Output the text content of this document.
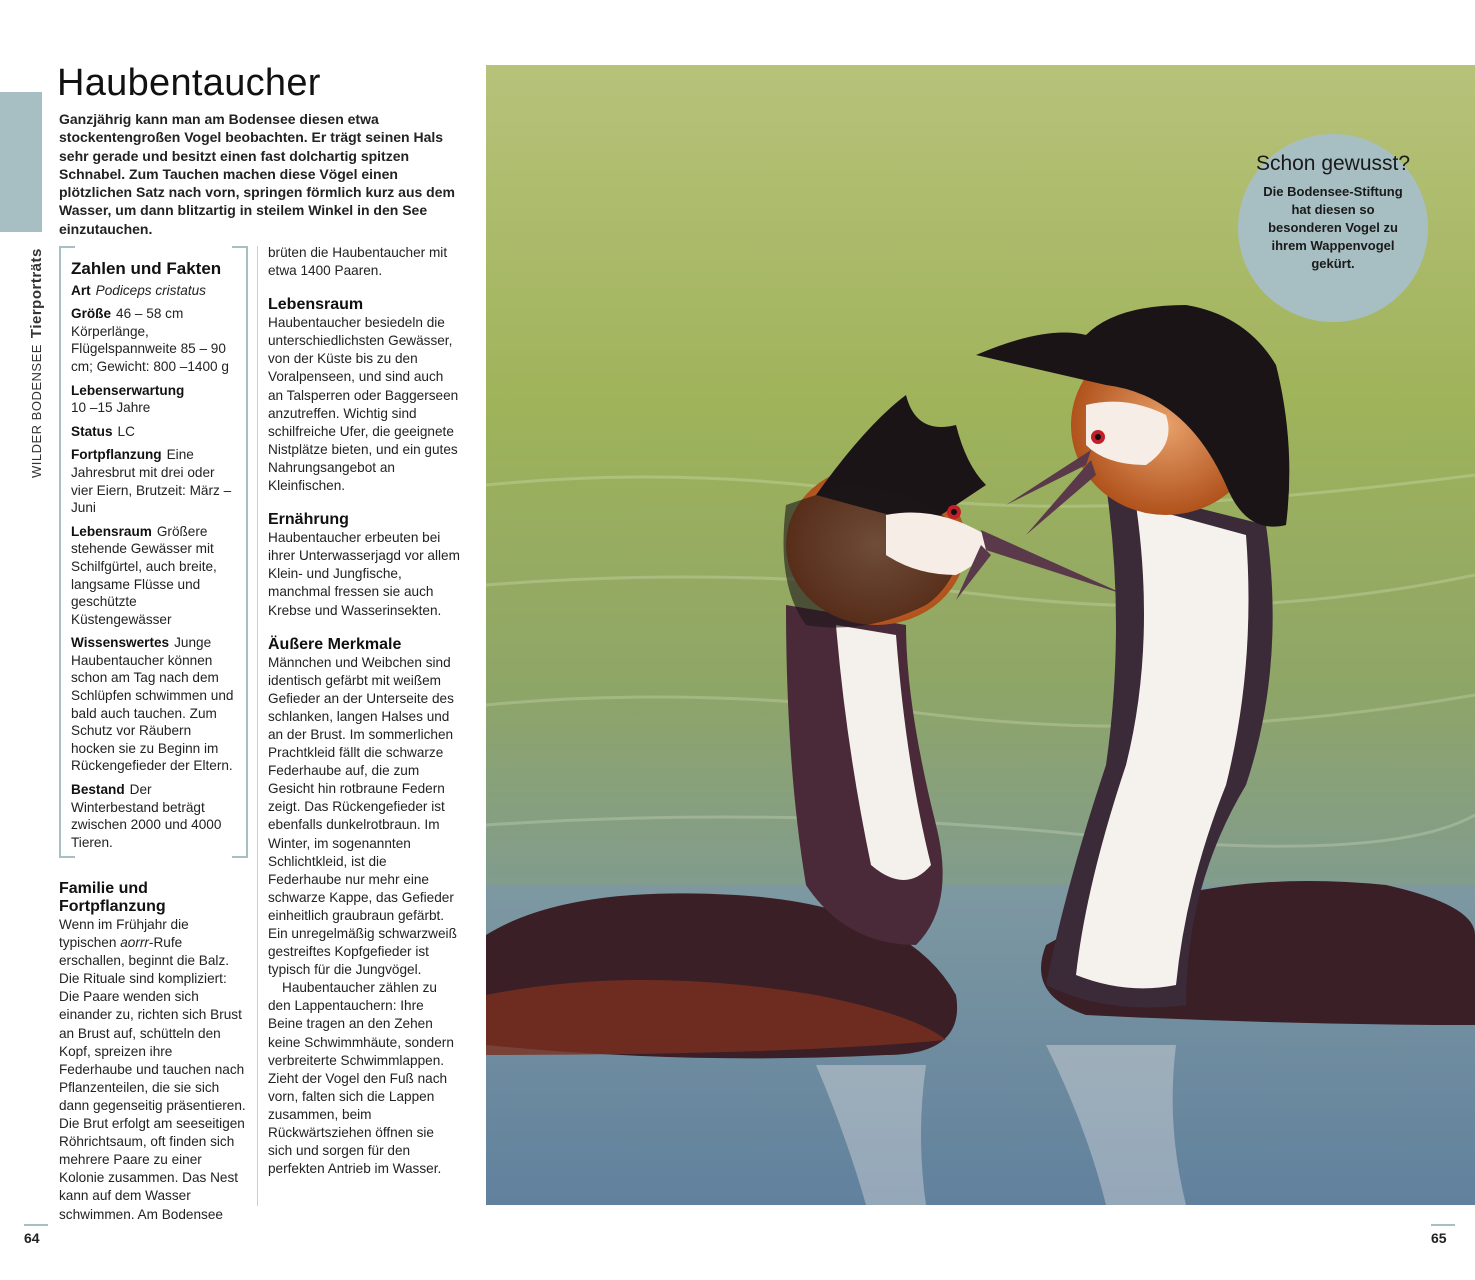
WILDER BODENSEETierporträts
Haubentaucher

Ganzjährig kann man am Bodensee diesen etwa stockentengroßen Vogel beobachten. Er trägt seinen Hals sehr gerade und besitzt einen fast dolchartig spitzen Schnabel. Zum Tauchen machen diese Vögel einen plötzlichen Satz nach vorn, springen förmlich kurz aus dem Wasser, um dann blitzartig in steilem Winkel in den See einzutauchen.

Zahlen und Fakten
Art Podiceps cristatus
Größe 46 – 58 cm Körperlänge, Flügelspannweite 85 – 90 cm; Gewicht: 800 –1400 g
Lebenserwartung
10 –15 Jahre
Status LC
Fortpflanzung Eine Jahresbrut mit drei oder vier Eiern, Brutzeit: März – Juni
Lebensraum Größere stehende Gewässer mit Schilfgürtel, auch breite, langsame Flüsse und geschützte Küstengewässer
Wissenswertes Junge Haubentaucher können schon am Tag nach dem Schlüpfen schwimmen und bald auch tauchen. Zum Schutz vor Räubern hocken sie zu Beginn im Rückengefieder der Eltern.
Bestand Der Winterbestand beträgt zwischen 2000 und 4000 Tieren.
Familie und Fortpflanzung

Wenn im Frühjahr die typischen aorrr-Rufe erschallen, beginnt die Balz. Die Rituale sind kompliziert: Die Paare wenden sich einander zu, richten sich Brust an Brust auf, schütteln den Kopf, spreizen ihre Federhaube und tauchen nach Pflanzenteilen, die sie sich dann gegenseitig präsentieren. Die Brut erfolgt am seeseitigen Röhrichtsaum, oft finden sich mehrere Paare zu einer Kolonie zusammen. Das Nest kann auf dem Wasser schwimmen. Am Bodensee

brüten die Haubentaucher mit etwa 1400 Paaren.

Lebensraum

Haubentaucher besiedeln die unterschiedlichsten Gewässer, von der Küste bis zu den Voralpenseen, und sind auch an Talsperren oder Baggerseen anzutreffen. Wichtig sind schilfreiche Ufer, die geeignete Nistplätze bieten, und ein gutes Nahrungsangebot an Kleinfischen.

Ernährung

Haubentaucher erbeuten bei ihrer Unterwasserjagd vor allem Klein- und Jungfische, manchmal fressen sie auch Krebse und Wasserinsekten.

Äußere Merkmale

Männchen und Weibchen sind identisch gefärbt mit weißem Gefieder an der Unterseite des schlanken, langen Halses und an der Brust. Im sommerlichen Prachtkleid fällt die schwarze Federhaube auf, die zum Gesicht hin rotbraune Federn zeigt. Das Rückengefieder ist ebenfalls dunkelrotbraun. Im Winter, im sogenannten Schlichtkleid, ist die Federhaube nur mehr eine schwarze Kappe, das Gefieder einheitlich graubraun gefärbt. Ein unregelmäßig schwarzweiß gestreiftes Kopfgefieder ist typisch für die Jungvögel.

Haubentaucher zählen zu den Lappentauchern: Ihre Beine tragen an den Zehen keine Schwimmhäute, sondern verbreiterte Schwimmlappen. Zieht der Vogel den Fuß nach vorn, falten sich die Lappen zusammen, beim Rückwärtsziehen öffnen sie sich und sorgen für den perfekten Antrieb im Wasser.

Schon gewusst?
Die Bodensee-Stiftung hat diesen so besonderen Vogel zu ihrem Wappenvogel gekürt.
64	65
